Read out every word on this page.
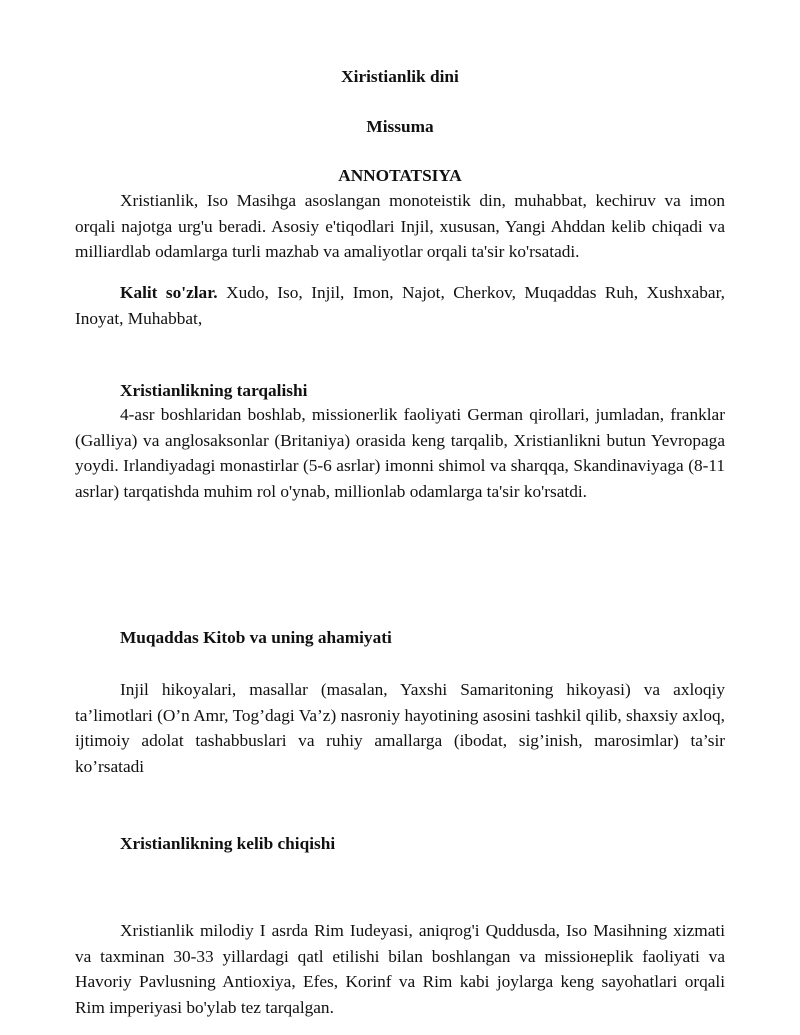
Xiristianlik dini

Missuma

ANNOTATSIYA

Xristianlik, Iso Masihga asoslangan monoteistik din, muhabbat, kechiruv va imon orqali najotga urg'u beradi. Asosiy e'tiqodlari Injil, xususan, Yangi Ahddan kelib chiqadi va milliardlab odamlarga turli mazhab va amaliyotlar orqali ta'sir ko'rsatadi.

Kalit so'zlar. Xudo, Iso, Injil, Imon, Najot, Cherkov, Muqaddas Ruh, Xushxabar, Inoyat, Muhabbat,

Xristianlikning tarqalishi

4-asr boshlaridan boshlab, missionerlik faoliyati German qirollari, jumladan, franklar (Galliya) va anglosaksonlar (Britaniya) orasida keng tarqalib, Xristianlikni butun Yevropaga yoydi. Irlandiyadagi monastirlar (5-6 asrlar) imonni shimol va sharqqa, Skandinaviyaga (8-11 asrlar) tarqatishda muhim rol o'ynab, millionlab odamlarga ta'sir ko'rsatdi.

Muqaddas Kitob va uning ahamiyati

Injil hikoyalari, masallar (masalan, Yaxshi Samaritoning hikoyasi) va axloqiy ta’limotlari (O’n Amr, Tog’dagi Va’z) nasroniy hayotining asosini tashkil qilib, shaxsiy axloq, ijtimoiy adolat tashabbuslari va ruhiy amallarga (ibodat, sig’inish, marosimlar) ta’sir ko’rsatadi

Xristianlikning kelib chiqishi

Xristianlik milodiy I asrda Rim Iudeyasi, aniqrog'i Quddusda, Iso Masihning xizmati va taxminan 30-33 yillardagi qatl etilishi bilan boshlangan va missioнeplik faoliyati va Havoriy Pavlusning Antioxiya, Efes, Korinf va Rim kabi joylarga keng sayohatlari orqali Rim imperiyasi bo'ylab tez tarqalgan.
